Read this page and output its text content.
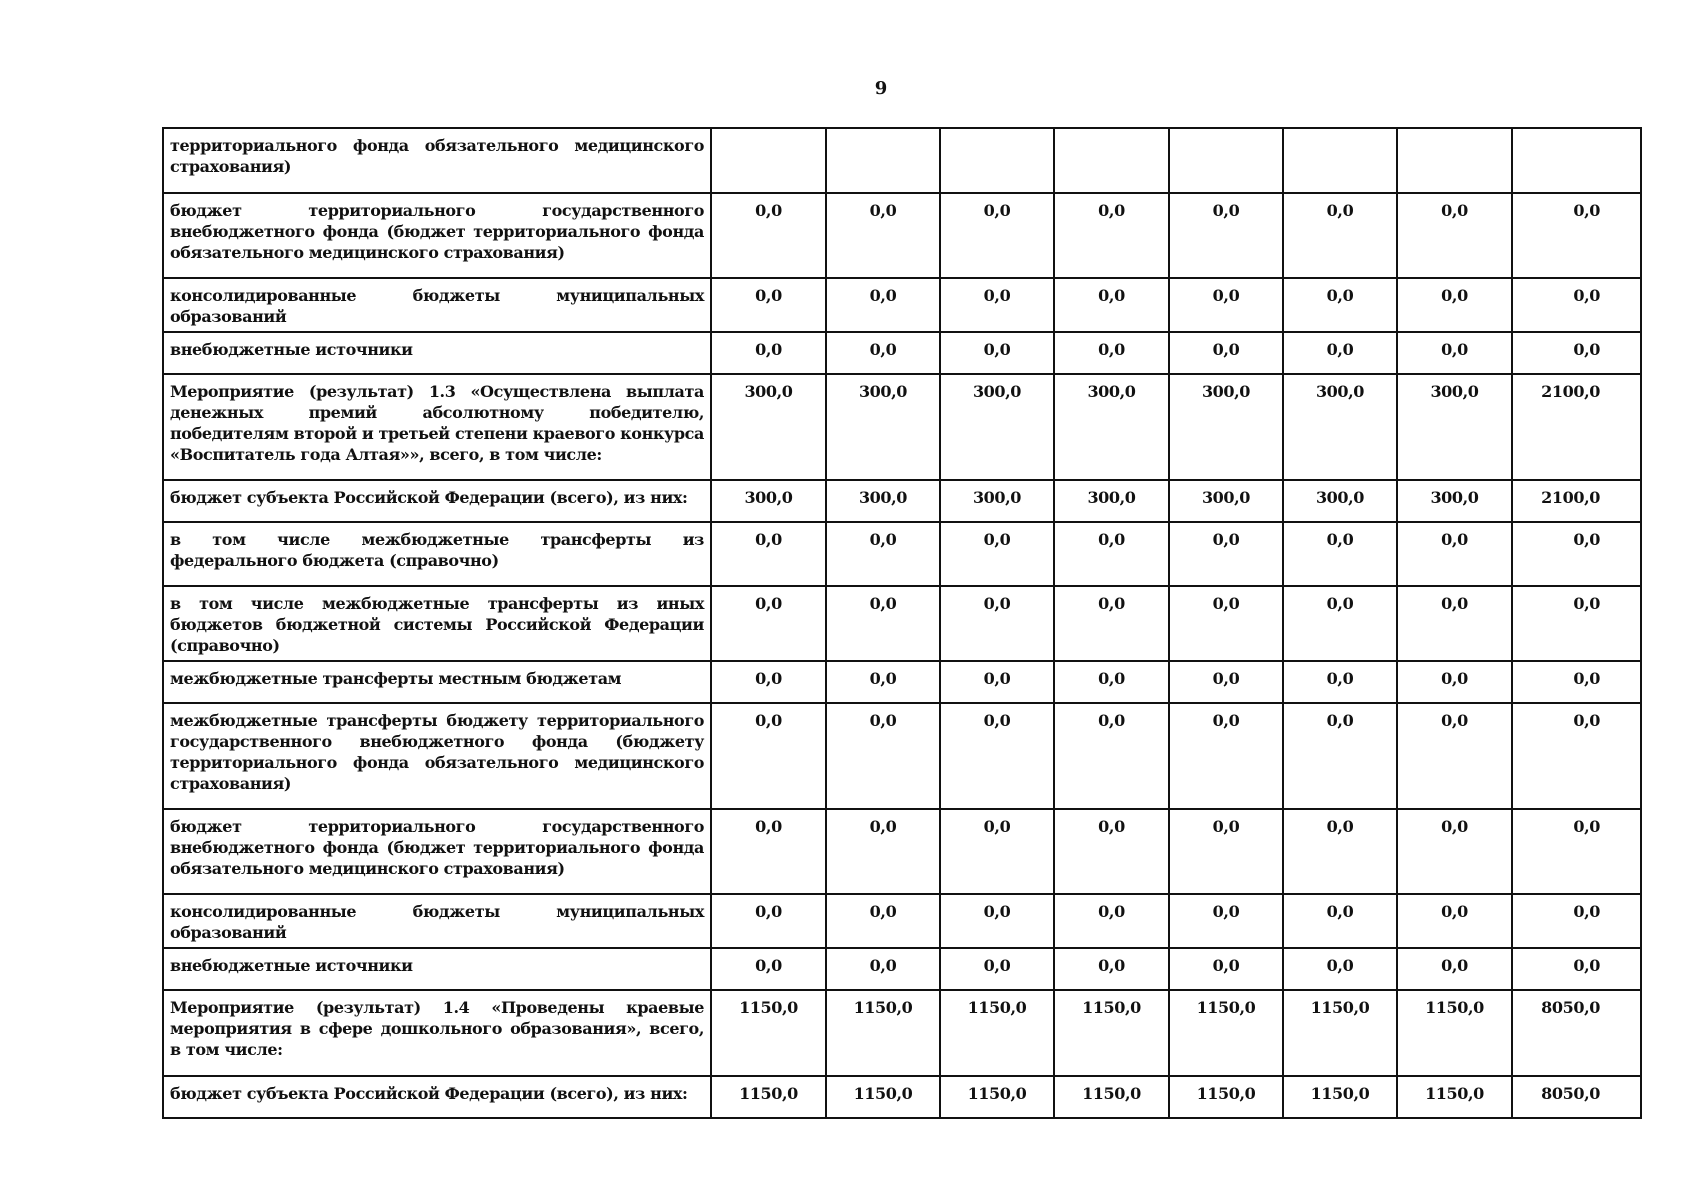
9
территориального фонда обязательного медицинского страхования)								
бюджет территориального государственного внебюджетного фонда (бюджет территориального фонда обязательного медицинского страхования)	0,0	0,0	0,0	0,0	0,0	0,0	0,0	0,0
консолидированные бюджеты муниципальных образований	0,0	0,0	0,0	0,0	0,0	0,0	0,0	0,0
внебюджетные источники	0,0	0,0	0,0	0,0	0,0	0,0	0,0	0,0
Мероприятие (результат) 1.3 «Осуществлена выплата денежных премий абсолютному победителю, победителям второй и третьей степени краевого конкурса «Воспитатель года Алтая»», всего, в том числе:	300,0	300,0	300,0	300,0	300,0	300,0	300,0	2100,0
бюджет субъекта Российской Федерации (всего), из них:	300,0	300,0	300,0	300,0	300,0	300,0	300,0	2100,0
в том числе межбюджетные трансферты из федерального бюджета (справочно)	0,0	0,0	0,0	0,0	0,0	0,0	0,0	0,0
в том числе межбюджетные трансферты из иных бюджетов бюджетной системы Российской Федерации (справочно)	0,0	0,0	0,0	0,0	0,0	0,0	0,0	0,0
межбюджетные трансферты местным бюджетам	0,0	0,0	0,0	0,0	0,0	0,0	0,0	0,0
межбюджетные трансферты бюджету территориального государственного внебюджетного фонда (бюджету территориального фонда обязательного медицинского страхования)	0,0	0,0	0,0	0,0	0,0	0,0	0,0	0,0
бюджет территориального государственного внебюджетного фонда (бюджет территориального фонда обязательного медицинского страхования)	0,0	0,0	0,0	0,0	0,0	0,0	0,0	0,0
консолидированные бюджеты муниципальных образований	0,0	0,0	0,0	0,0	0,0	0,0	0,0	0,0
внебюджетные источники	0,0	0,0	0,0	0,0	0,0	0,0	0,0	0,0
Мероприятие (результат) 1.4 «Проведены краевые мероприятия в сфере дошкольного образования», всего, в том числе:	1150,0	1150,0	1150,0	1150,0	1150,0	1150,0	1150,0	8050,0
бюджет субъекта Российской Федерации (всего), из них:	1150,0	1150,0	1150,0	1150,0	1150,0	1150,0	1150,0	8050,0
